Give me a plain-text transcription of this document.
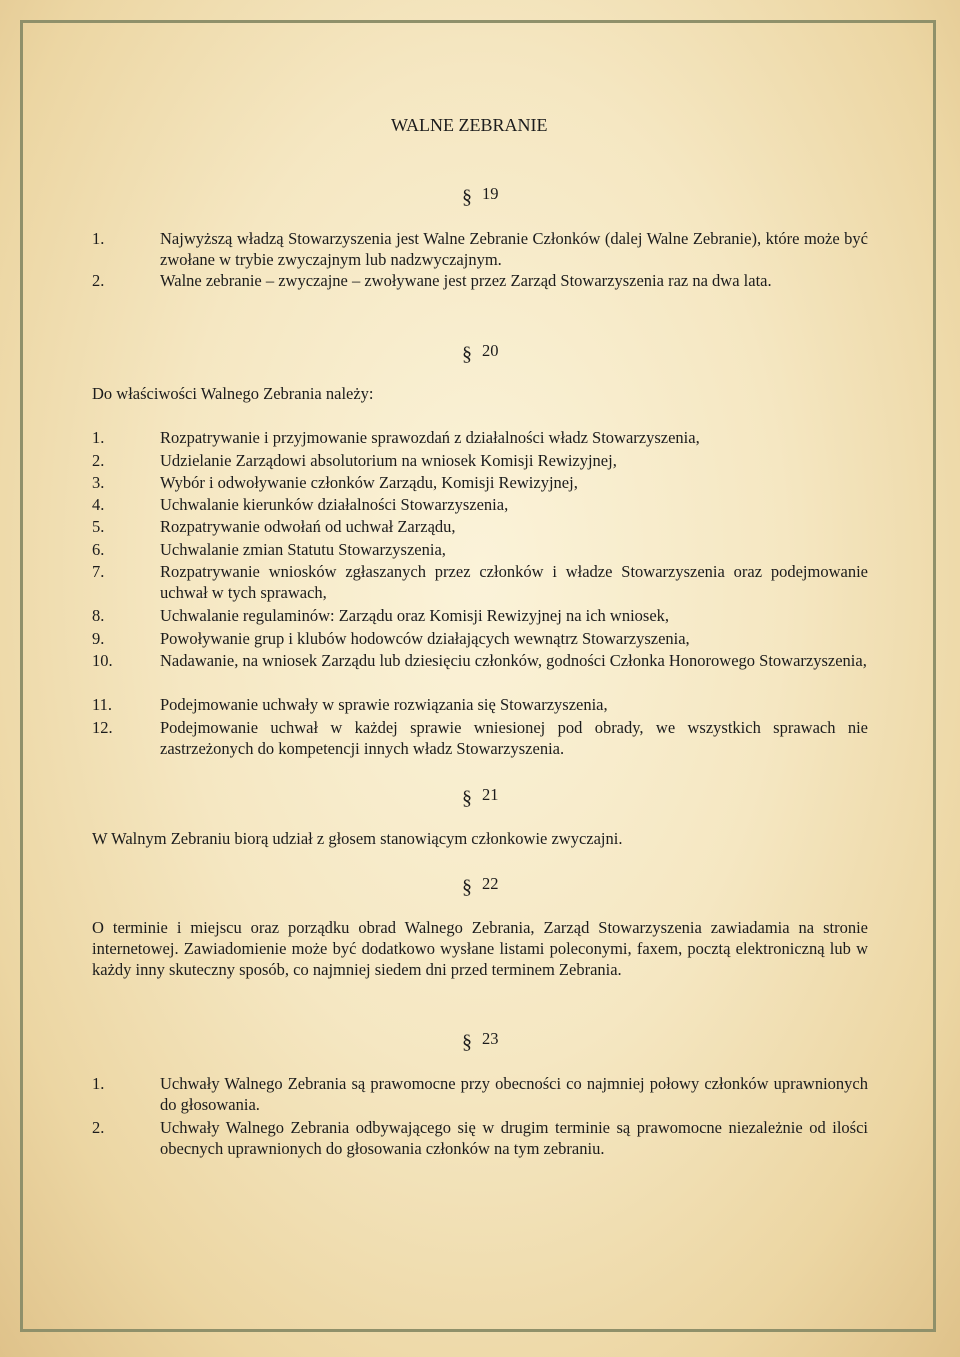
WALNE ZEBRANIE
§ 19
1.	Najwyższą władzą Stowarzyszenia jest Walne Zebranie Członków (dalej Walne Zebranie), które może być zwołane w trybie zwyczajnym lub nadzwyczajnym.
2.	Walne zebranie – zwyczajne – zwoływane jest przez Zarząd Stowarzyszenia raz na dwa lata.
§ 20
Do właściwości Walnego Zebrania należy:
1.	Rozpatrywanie i przyjmowanie sprawozdań z działalności władz Stowarzyszenia,
2.	Udzielanie Zarządowi absolutorium na wniosek Komisji Rewizyjnej,
3.	Wybór i odwoływanie członków Zarządu, Komisji Rewizyjnej,
4.	Uchwalanie kierunków działalności Stowarzyszenia,
5.	Rozpatrywanie odwołań od uchwał Zarządu,
6.	Uchwalanie zmian Statutu Stowarzyszenia,
7.	Rozpatrywanie wniosków zgłaszanych przez członków i władze Stowarzyszenia oraz podejmowanie uchwał w tych sprawach,
8.	Uchwalanie regulaminów: Zarządu oraz Komisji Rewizyjnej na ich wniosek,
9.	Powoływanie grup i klubów hodowców działających wewnątrz Stowarzyszenia,
10.	Nadawanie, na wniosek Zarządu lub dziesięciu członków, godności Członka Honorowego Stowarzyszenia,
11.	Podejmowanie uchwały w sprawie rozwiązania się Stowarzyszenia,
12.	Podejmowanie uchwał w każdej sprawie wniesionej pod obrady, we wszystkich sprawach nie zastrzeżonych do kompetencji innych władz Stowarzyszenia.
§ 21
W Walnym Zebraniu biorą udział z głosem stanowiącym członkowie zwyczajni.
§ 22
O terminie i miejscu oraz porządku obrad Walnego Zebrania, Zarząd Stowarzyszenia zawiadamia na stronie internetowej. Zawiadomienie może być dodatkowo wysłane listami poleconymi, faxem, pocztą elektroniczną lub w każdy inny skuteczny sposób, co najmniej siedem dni przed terminem Zebrania.
§ 23
1.	Uchwały Walnego Zebrania są prawomocne przy obecności co najmniej połowy członków uprawnionych do głosowania.
2.	Uchwały Walnego Zebrania odbywającego się w drugim terminie są prawomocne niezależnie od ilości obecnych uprawnionych do głosowania członków na tym zebraniu.
